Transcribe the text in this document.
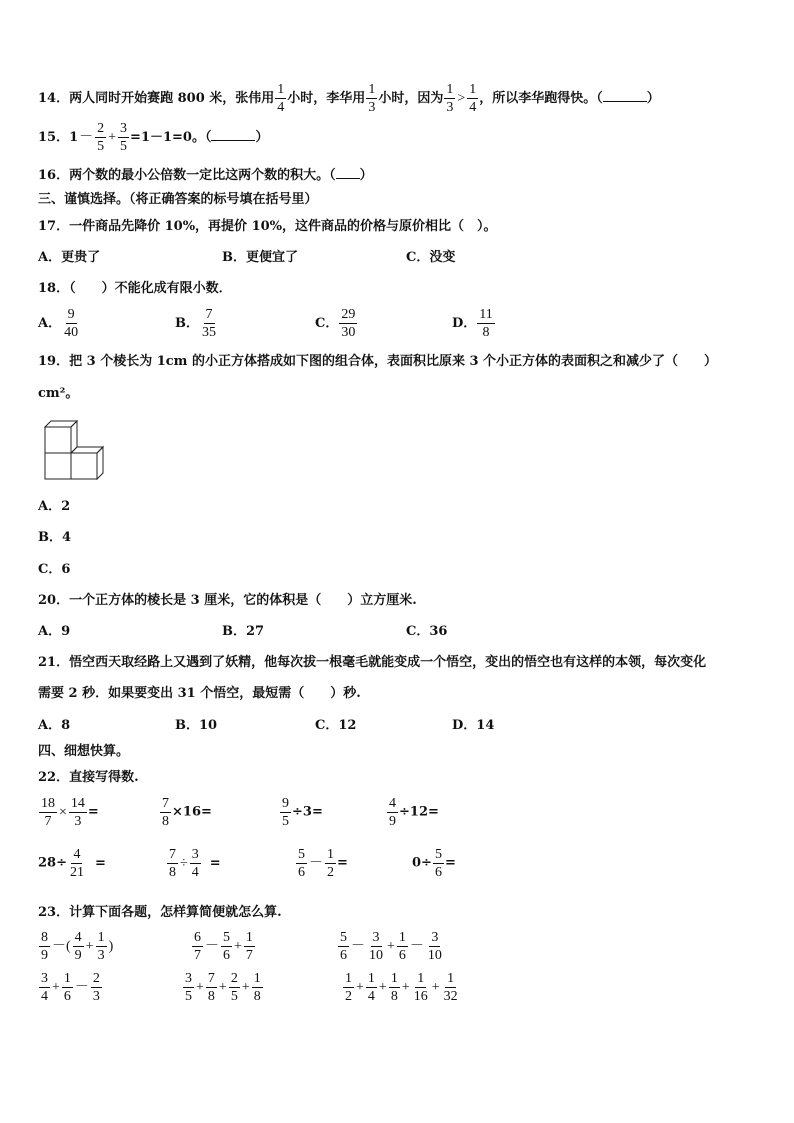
14．两人同时开始赛跑 800 米，张伟用 $\frac{1}{4}$ 小时，李华用 $\frac{1}{3}$ 小时，因为 $\frac{1}{3} > \frac{1}{4}$ ，所以李华跑得快。（	）
15．$1- \frac{2}{5} + \frac{3}{5} =1-1=0$。（	）
16．两个数的最小公倍数一定比这两个数的积大。（ ）
三、谨慎选择。（将正确答案的标号填在括号里）
17．一件商品先降价 10%，再提价 10%，这件商品的价格与原价相比（　）。
A．更贵了	B．更便宜了	C．没变
18．（　　）不能化成有限小数．
A． $\frac{9}{40}$	B． $\frac{7}{35}$	C． $\frac{29}{30}$	D． $\frac{11}{8}$
19．把 3 个棱长为 1cm 的小正方体搭成如下图的组合体，表面积比原来 3 个小正方体的表面积之和减少了（　　）
cm²。
A．2
B．4
C．6
20．一个正方体的棱长是 3 厘米，它的体积是（　　）立方厘米.
A．9	B．27	C．36
21．悟空西天取经路上又遇到了妖精，他每次拔一根毫毛就能变成一个悟空，变出的悟空也有这样的本领，每次变化
需要 2 秒．如果要变出 31 个悟空，最短需（　　）秒.
A．8	B．10	C．12	D．14
四、细想快算。
22．直接写得数.
$\frac{18}{7} \times \frac{14}{3}$ =	$\frac{7}{8} \times 16=$	$\frac{9}{5} \div 3=$	$\frac{4}{9} \div 12=$
$28\div \frac{4}{21}$ =	$\frac{7}{8} \div \frac{3}{4}$ =	$\frac{5}{6} - \frac{1}{2}$ =	$0\div \frac{5}{6}$ =
23．计算下面各题，怎样算简便就怎么算.
$\frac{8}{9}$ －( $\frac{4}{9} + \frac{1}{3}$ )	$\frac{6}{7} - \frac{5}{6} + \frac{1}{7}$	$\frac{5}{6} - \frac{3}{10} + \frac{1}{6} - \frac{3}{10}$
$\frac{3}{4} + \frac{1}{6} - \frac{2}{3}$	$\frac{3}{5} + \frac{7}{8} + \frac{2}{5} + \frac{1}{8}$	$\frac{1}{2} + \frac{1}{4} + \frac{1}{8} + \frac{1}{16} + \frac{1}{32}$
